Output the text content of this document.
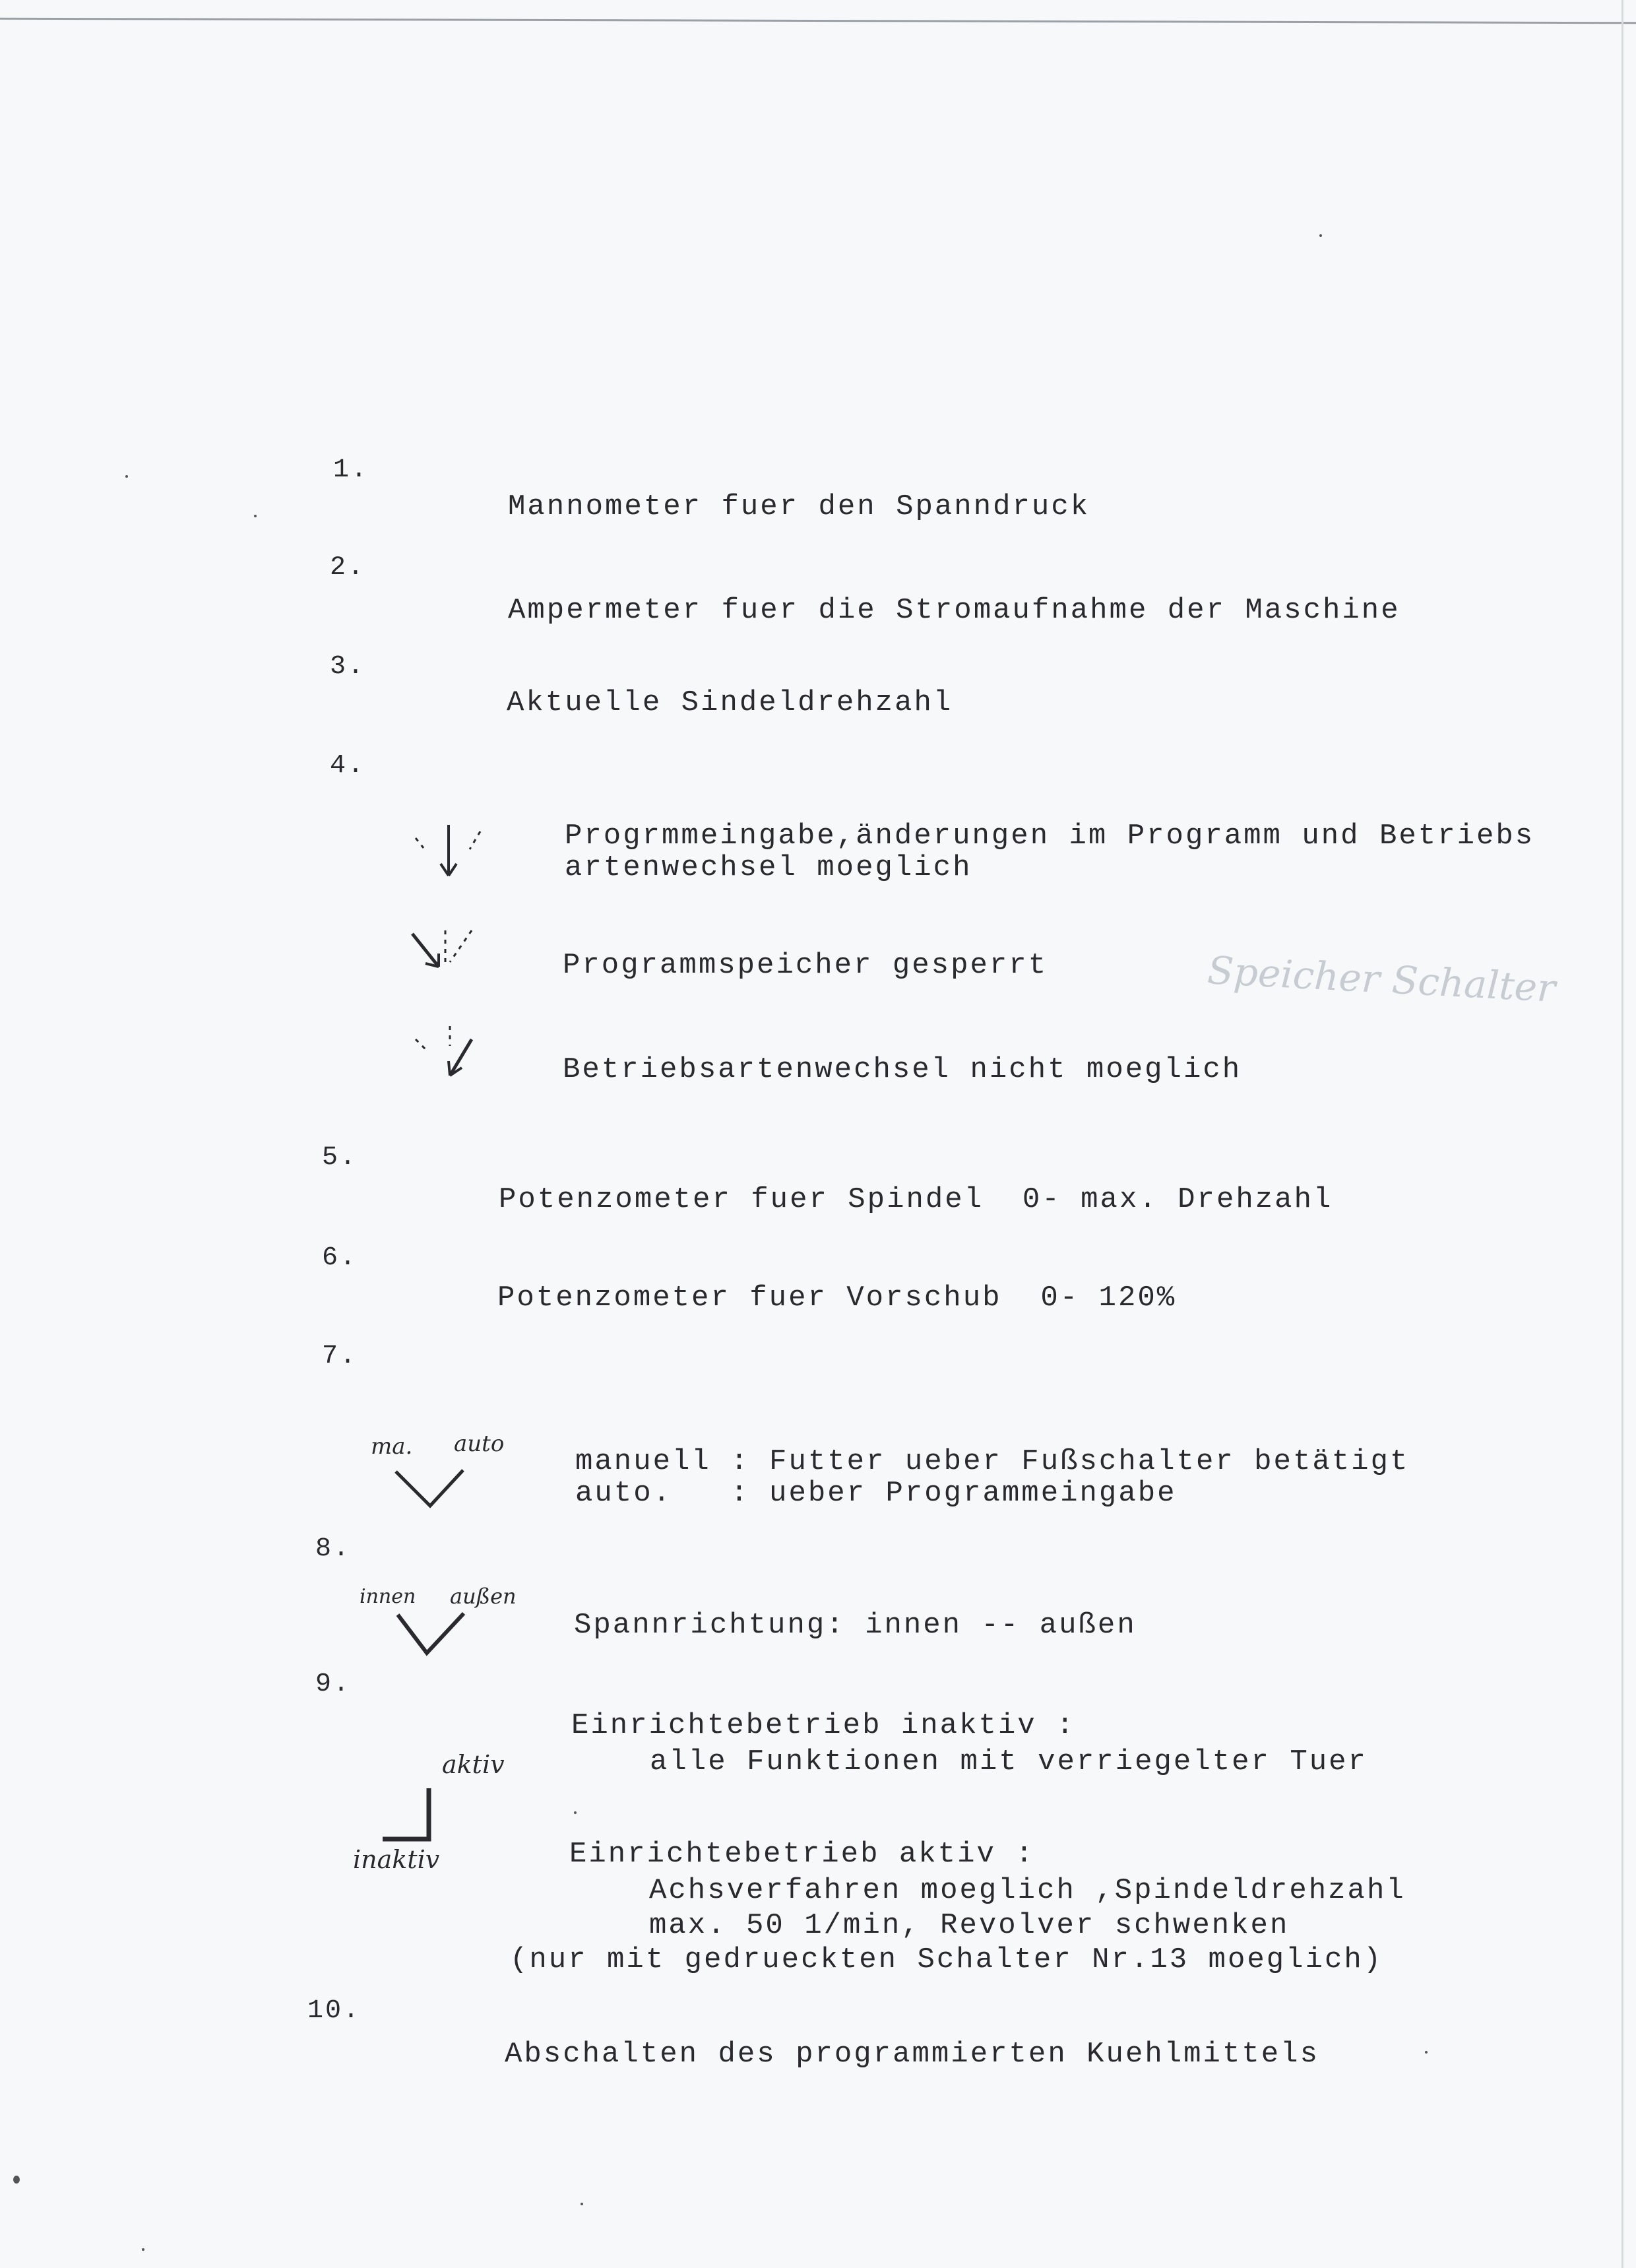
1.
Mannometer fuer den Spanndruck
2.
Ampermeter fuer die Stromaufnahme der Maschine
3.
Aktuelle Sindeldrehzahl
4.
Progrmmeingabe,änderungen im Programm und Betriebs
artenwechsel moeglich
Programmspeicher gesperrt	Speicher Schalter
Betriebsartenwechsel nicht moeglich
5.
Potenzometer fuer Spindel  0- max. Drehzahl
6.
Potenzometer fuer Vorschub  0- 120%
7.
ma. auto
manuell : Futter ueber Fußschalter betätigt
auto.   : ueber Programmeingabe
8.
innen außen
Spannrichtung: innen -- außen
9.
Einrichtebetrieb inaktiv :
alle Funktionen mit verriegelter Tuer
aktiv
inaktiv	Einrichtebetrieb aktiv :
Achsverfahren moeglich ,Spindeldrehzahl
max. 50 1/min, Revolver schwenken
(nur mit gedrueckten Schalter Nr.13 moeglich)
10.
Abschalten des programmierten Kuehlmittels
